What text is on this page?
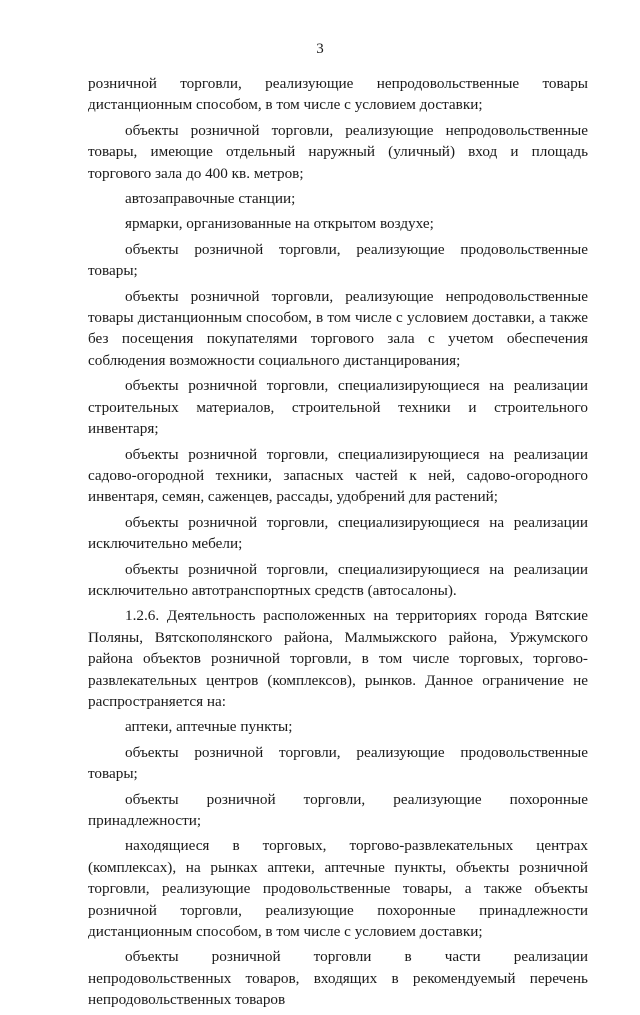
3

розничной торговли, реализующие непродовольственные товары дистанционным способом, в том числе с условием доставки;

объекты розничной торговли, реализующие непродовольственные товары, имеющие отдельный наружный (уличный) вход и площадь торгового зала до 400 кв. метров;

автозаправочные станции;

ярмарки, организованные на открытом воздухе;

объекты розничной торговли, реализующие продовольственные товары;

объекты розничной торговли, реализующие непродовольственные товары дистанционным способом, в том числе с условием доставки, а также без посещения покупателями торгового зала с учетом обеспечения соблюдения возможности социального дистанцирования;

объекты розничной торговли, специализирующиеся на реализации строительных материалов, строительной техники и строительного инвентаря;

объекты розничной торговли, специализирующиеся на реализации садово-огородной техники, запасных частей к ней, садово-огородного инвентаря, семян, саженцев, рассады, удобрений для растений;

объекты розничной торговли, специализирующиеся на реализации исключительно мебели;

объекты розничной торговли, специализирующиеся на реализации исключительно автотранспортных средств (автосалоны).

1.2.6. Деятельность расположенных на территориях города Вятские Поляны, Вятскополянского района, Малмыжского района, Уржумского района объектов розничной торговли, в том числе торговых, торгово-развлекательных центров (комплексов), рынков. Данное ограничение не распространяется на:

аптеки, аптечные пункты;

объекты розничной торговли, реализующие продовольственные товары;

объекты розничной торговли, реализующие похоронные принадлежности;

находящиеся в торговых, торгово-развлекательных центрах (комплексах), на рынках аптеки, аптечные пункты, объекты розничной торговли, реализующие продовольственные товары, а также объекты розничной торговли, реализующие похоронные принадлежности дистанционным способом, в том числе с условием доставки;

объекты розничной торговли в части реализации непродовольственных товаров, входящих в рекомендуемый перечень непродовольственных товаров
